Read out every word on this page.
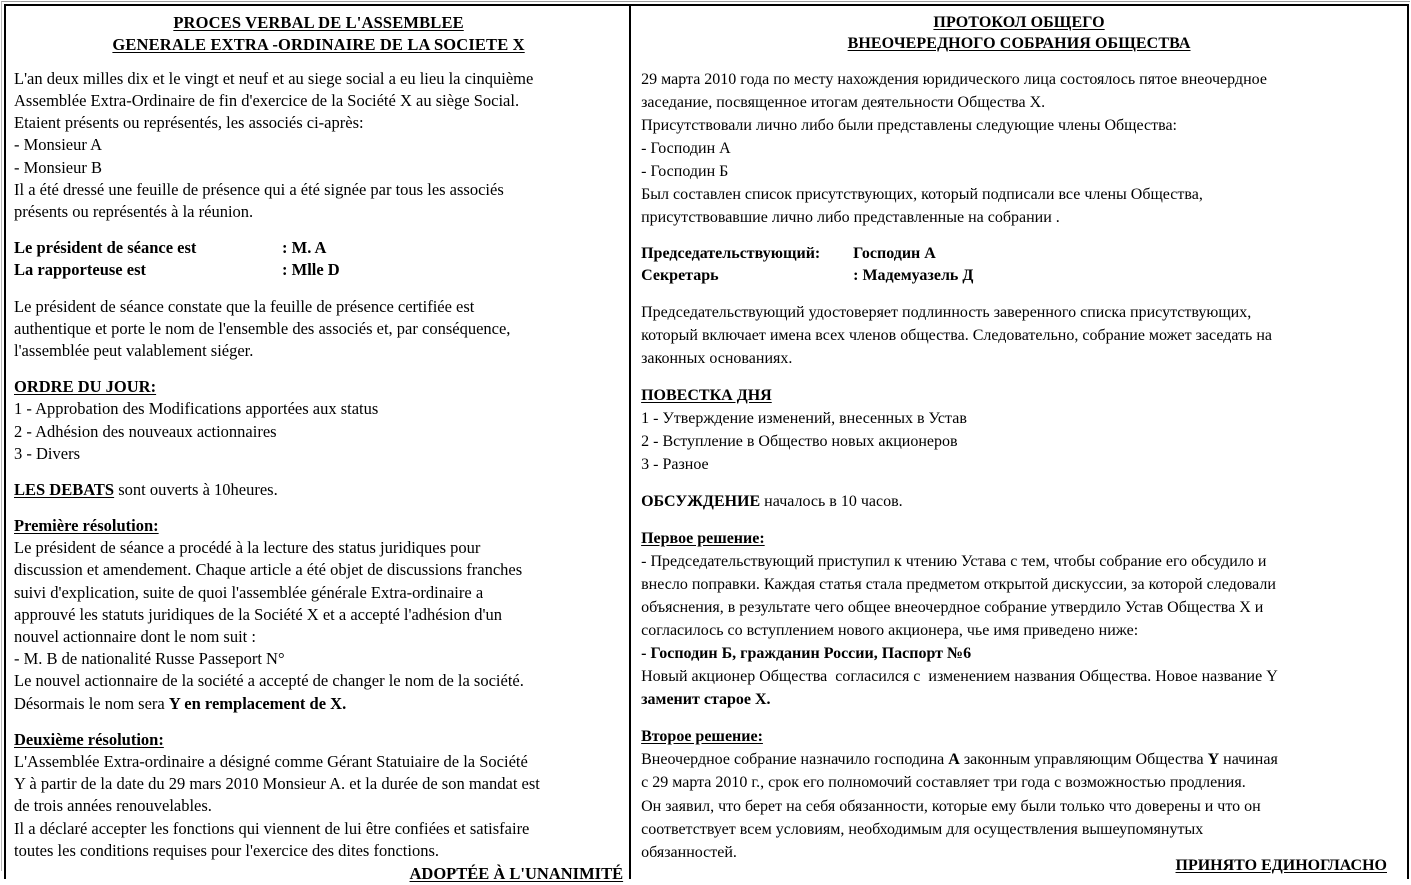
PROCES VERBAL DE L'ASSEMBLEE
GENERALE EXTRA -ORDINAIRE DE LA SOCIETE X

L'an deux milles dix et le vingt et neuf et au siege social a eu lieu la cinquième

Assemblée Extra-Ordinaire de fin d'exercice de la Société X au siège Social.

Etaient présents ou représentés, les associés ci-après:

- Monsieur A

- Monsieur B

Il a été dressé une feuille de présence qui a été signée par tous les associés

présents ou représentés à la réunion.

Le président de séance est	: M. A
La rapporteuse est	: Mlle D

Le président de séance constate que la feuille de présence certifiée est

authentique et porte le nom de l'ensemble des associés et, par conséquence,

l'assemblée peut valablement siéger.

ORDRE DU JOUR:

1 - Approbation des Modifications apportées aux status

2 - Adhésion des nouveaux actionnaires

3 - Divers

LES DEBATS sont ouverts à 10heures.

Première résolution:

Le président de séance a procédé à la lecture des status juridiques pour

discussion et amendement. Chaque article a été objet de discussions franches

suivi d'explication, suite de quoi l'assemblée générale Extra-ordinaire a

approuvé les statuts juridiques de la Société X et a accepté l'adhésion d'un

nouvel actionnaire dont le nom suit :

- M. B de nationalité Russe Passeport N°

Le nouvel actionnaire de la société a accepté de changer le nom de la société.

Désormais le nom sera Y en remplacement de X.

Deuxième résolution:

L'Assemblée Extra-ordinaire a désigné comme Gérant Statuiaire de la Société

Y à partir de la date du 29 mars 2010 Monsieur A. et la durée de son mandat est

de trois années renouvelables.

Il a déclaré accepter les fonctions qui viennent de lui être confiées et satisfaire

toutes les conditions requises pour l'exercice des dites fonctions.

ADOPTÉE À L'UNANIMITÉ
ПРОТОКОЛ ОБЩЕГО
ВНЕОЧЕРЕДНОГО СОБРАНИЯ ОБЩЕСТВА

29 марта 2010 года по месту нахождения юридического лица состоялось пятое внеочердное

заседание, посвященное итогам деятельности Общества X.

Присутствовали лично либо были представлены следующие члены Общества:

- Господин А

- Господин Б

Был составлен список присутствующих, который подписали все члены Общества,

присутствовавшие лично либо представленные на собрании .

Председательствующий:	Господин А
Секретарь	: Мадемуазель Д

Председательствующий удостоверяет подлинность заверенного списка присутствующих,

который включает имена всех членов общества. Следовательно, собрание может заседать на

законных основаниях.

ПОВЕСТКА ДНЯ

1 - Утверждение изменений, внесенных в Устав

2 - Вступление в Общество новых акционеров

3 - Разное

ОБСУЖДЕНИЕ началось в 10 часов.

Первое решение:

- Председательствующий приступил к чтению Устава с тем, чтобы собрание его обсудило и

внесло поправки. Каждая статья стала предметом открытой дискуссии, за которой следовали

объяснения, в результате чего общее внеочердное собрание утвердило Устав Общества X и

согласилось со вступлением нового акционера, чье имя приведено ниже:

- Господин Б, гражданин России, Паспорт №6

Новый акционер Общества  согласился с  изменением названия Общества. Новое название Y

заменит старое X.

Второе решение:

Внеочердное собрание назначило господина А законным управляющим Общества Y начиная

с 29 марта 2010 г., срок его полномочий составляет три года с возможностью продления.

Он заявил, что берет на себя обязанности, которые ему были только что доверены и что он

соответствует всем условиям, необходимым для осуществления вышеупомянутых

обязанностей.

ПРИНЯТО ЕДИНОГЛАСНО
